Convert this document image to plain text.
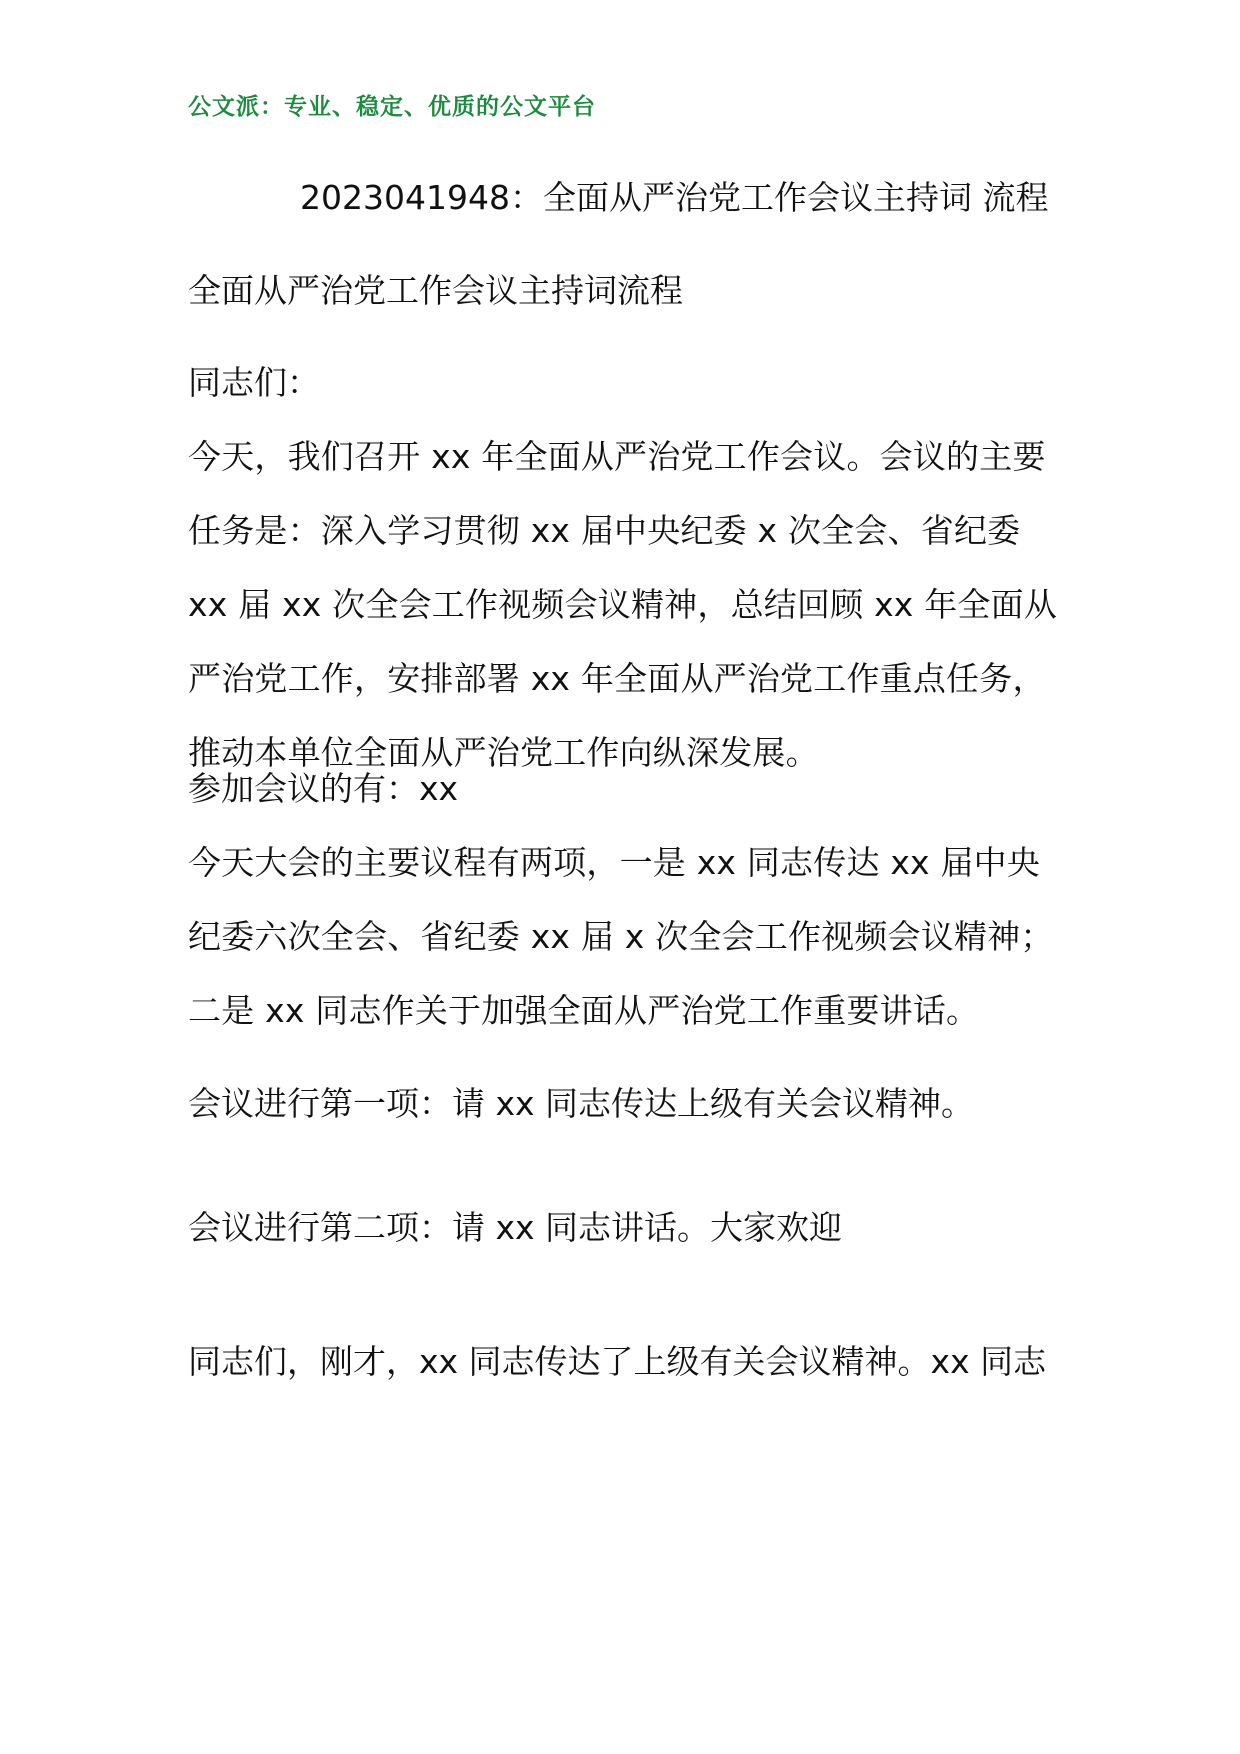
公文派：专业、稳定、优质的公文平台
2023041948：全面从严治党工作会议主持词 流程
全面从严治党工作会议主持词流程
同志们：
今天，我们召开 xx 年全面从严治党工作会议。会议的主要任务是：深入学习贯彻 xx 届中央纪委 x 次全会、省纪委 xx 届 xx 次全会工作视频会议精神，总结回顾 xx 年全面从严治党工作，安排部署 xx 年全面从严治党工作重点任务，推动本单位全面从严治党工作向纵深发展。
参加会议的有：xx
今天大会的主要议程有两项，一是 xx 同志传达 xx 届中央纪委六次全会、省纪委 xx 届 x 次全会工作视频会议精神；二是 xx 同志作关于加强全面从严治党工作重要讲话。
会议进行第一项：请 xx 同志传达上级有关会议精神。
会议进行第二项：请 xx 同志讲话。大家欢迎
同志们，刚才，xx 同志传达了上级有关会议精神。xx 同志
